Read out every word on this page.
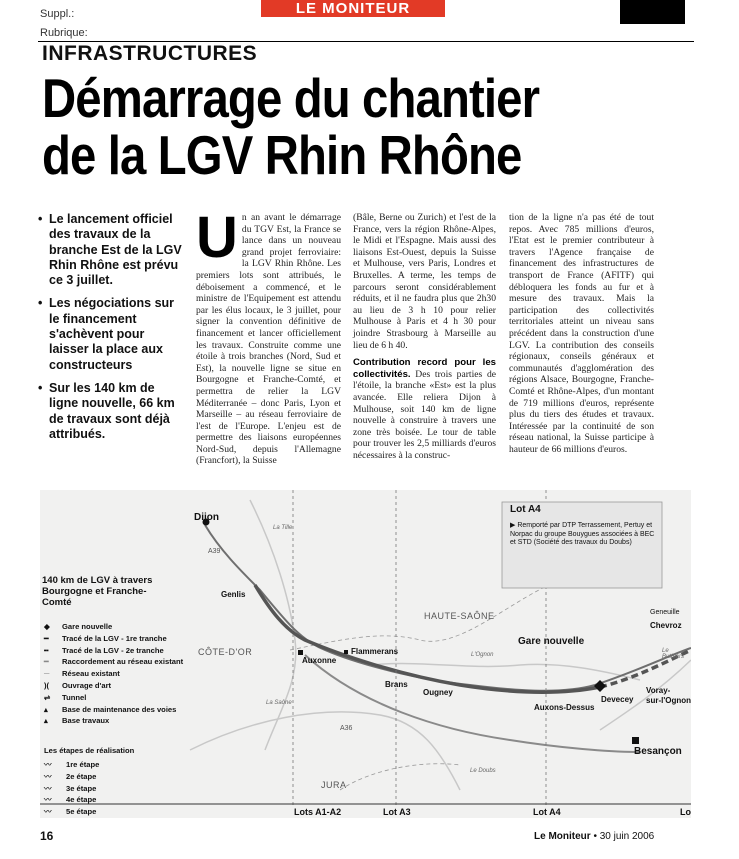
Suppl.:
Rubrique:
LE MONITEUR
INFRASTRUCTURES
Démarrage du chantier
de la LGV Rhin Rhône

• Le lancement officiel des travaux de la branche Est de la LGV Rhin Rhône est prévu ce 3 juillet.

• Les négociations sur le financement s'achèvent pour laisser la place aux constructeurs

• Sur les 140 km de ligne nouvelle, 66 km de travaux sont déjà attribués.

U n an avant le démarrage du TGV Est, la France se lance dans un nouveau grand projet ferroviaire: la LGV Rhin Rhône. Les premiers lots sont attribués, le déboisement a commencé, et le ministre de l'Equipement est attendu par les élus locaux, le 3 juillet, pour signer la convention définitive de financement et lancer officiellement les travaux. Construite comme une étoile à trois branches (Nord, Sud et Est), la nouvelle ligne se situe en Bourgogne et Franche-Comté, et permettra de relier la LGV Méditerranée – donc Paris, Lyon et Marseille – au réseau ferroviaire de l'est de l'Europe. L'enjeu est de permettre des liaisons européennes Nord-Sud, depuis l'Allemagne (Francfort), la Suisse

(Bâle, Berne ou Zurich) et l'est de la France, vers la région Rhône-Alpes, le Midi et l'Espagne. Mais aussi des liaisons Est-Ouest, depuis la Suisse et Mulhouse, vers Paris, Londres et Bruxelles. A terme, les temps de parcours seront considérablement réduits, et il ne faudra plus que 2h30 au lieu de 3 h 10 pour relier Mulhouse à Paris et 4 h 30 pour joindre Strasbourg à Marseille au lieu de 6 h 40.

Contribution record pour les collectivités. Des trois parties de l'étoile, la branche «Est» est la plus avancée. Elle reliera Dijon à Mulhouse, soit 140 km de ligne nouvelle à construire à travers une zone très boisée. Le tour de table pour trouver les 2,5 milliards d'euros nécessaires à la construc-

tion de la ligne n'a pas été de tout repos. Avec 785 millions d'euros, l'Etat est le premier contributeur à travers l'Agence française de financement des infrastructures de transport de France (AFITF) qui débloquera les fonds au fur et à mesure des travaux. Mais la participation des collectivités territoriales atteint un niveau sans précédent dans la construction d'une LGV. La contribution des conseils régionaux, conseils généraux et communautés d'agglomération des régions Alsace, Bourgogne, Franche-Comté et Rhône-Alpes, d'un montant de 719 millions d'euros, représente plus du tiers des études et travaux. Intéressée par la continuité de son réseau national, la Suisse participe à hauteur de 66 millions d'euros.

Dijon
Genlis
Auxonne
Flammerans
Brans
Ougney
Auxons-Dessus
Devecey
Besançon
Gare nouvelle
Chevroz
Geneuille
Voray-
sur-l'Ognon
CÔTE-D'OR
HAUTE-SAÔNE
JURA
A39
A36
La Saône
La Tille
L'Ognon
Le Doubs
Le Buthiers
140 km de LGV à travers Bourgogne et Franche-Comté
◆ Gare nouvelle
━ Tracé de la LGV - 1re tranche
╍ Tracé de la LGV - 2e tranche
━ Raccordement au réseau existant
─ Réseau existant
)( Ouvrage d'art
⇌ Tunnel
▴ Base de maintenance des voies
▴ Base travaux
Les étapes de réalisation
〰 1re étape
〰 2e étape
〰 3e étape
〰 4e étape
〰 5e étape
Lot A4
▶ Remporté par DTP Terrassement, Pertuy et Norpac du groupe Bouygues associées à BEC et STD (Société des travaux du Doubs)
Lots A1-A2	Lot A3	Lot A4	Lo
16	Le Moniteur • 30 juin 2006
